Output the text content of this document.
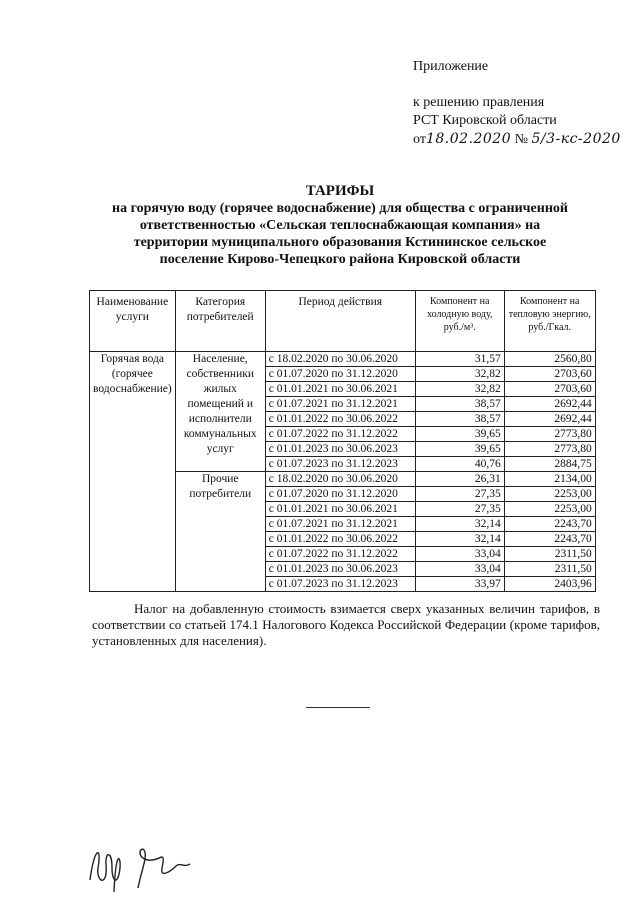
Приложение
к решению правления
РСТ Кировской области
от18.02.2020 № 5/3-кс-2020
ТАРИФЫ
на горячую воду (горячее водоснабжение) для общества с ограниченной
ответственностью «Сельская теплоснабжающая компания» на
территории муниципального образования Кстининское сельское
поселение Кирово-Чепецкого района Кировской области
Наименование услуги	Категория потребителей	Период действия	Компонент на холодную воду, руб./м³.	Компонент на тепловую энергию, руб./Гкал.
Горячая вода (горячее водоснабжение)	Население, собственники жилых помещений и исполнители коммунальных услуг	с 18.02.2020 по 30.06.2020	31,57	2560,80
		с 01.07.2020 по 31.12.2020	32,82	2703,60
		с 01.01.2021 по 30.06.2021	32,82	2703,60
		с 01.07.2021 по 31.12.2021	38,57	2692,44
		с 01.01.2022 по 30.06.2022	38,57	2692,44
		с 01.07.2022 по 31.12.2022	39,65	2773,80
		с 01.01.2023 по 30.06.2023	39,65	2773,80
		с 01.07.2023 по 31.12.2023	40,76	2884,75
	Прочие потребители	с 18.02.2020 по 30.06.2020	26,31	2134,00
		с 01.07.2020 по 31.12.2020	27,35	2253,00
		с 01.01.2021 по 30.06.2021	27,35	2253,00
		с 01.07.2021 по 31.12.2021	32,14	2243,70
		с 01.01.2022 по 30.06.2022	32,14	2243,70
		с 01.07.2022 по 31.12.2022	33,04	2311,50
		с 01.01.2023 по 30.06.2023	33,04	2311,50
		с 01.07.2023 по 31.12.2023	33,97	2403,96
Налог на добавленную стоимость взимается сверх указанных величин тарифов, в соответствии со статьей 174.1 Налогового Кодекса Российской Федерации (кроме тарифов, установленных для населения).
